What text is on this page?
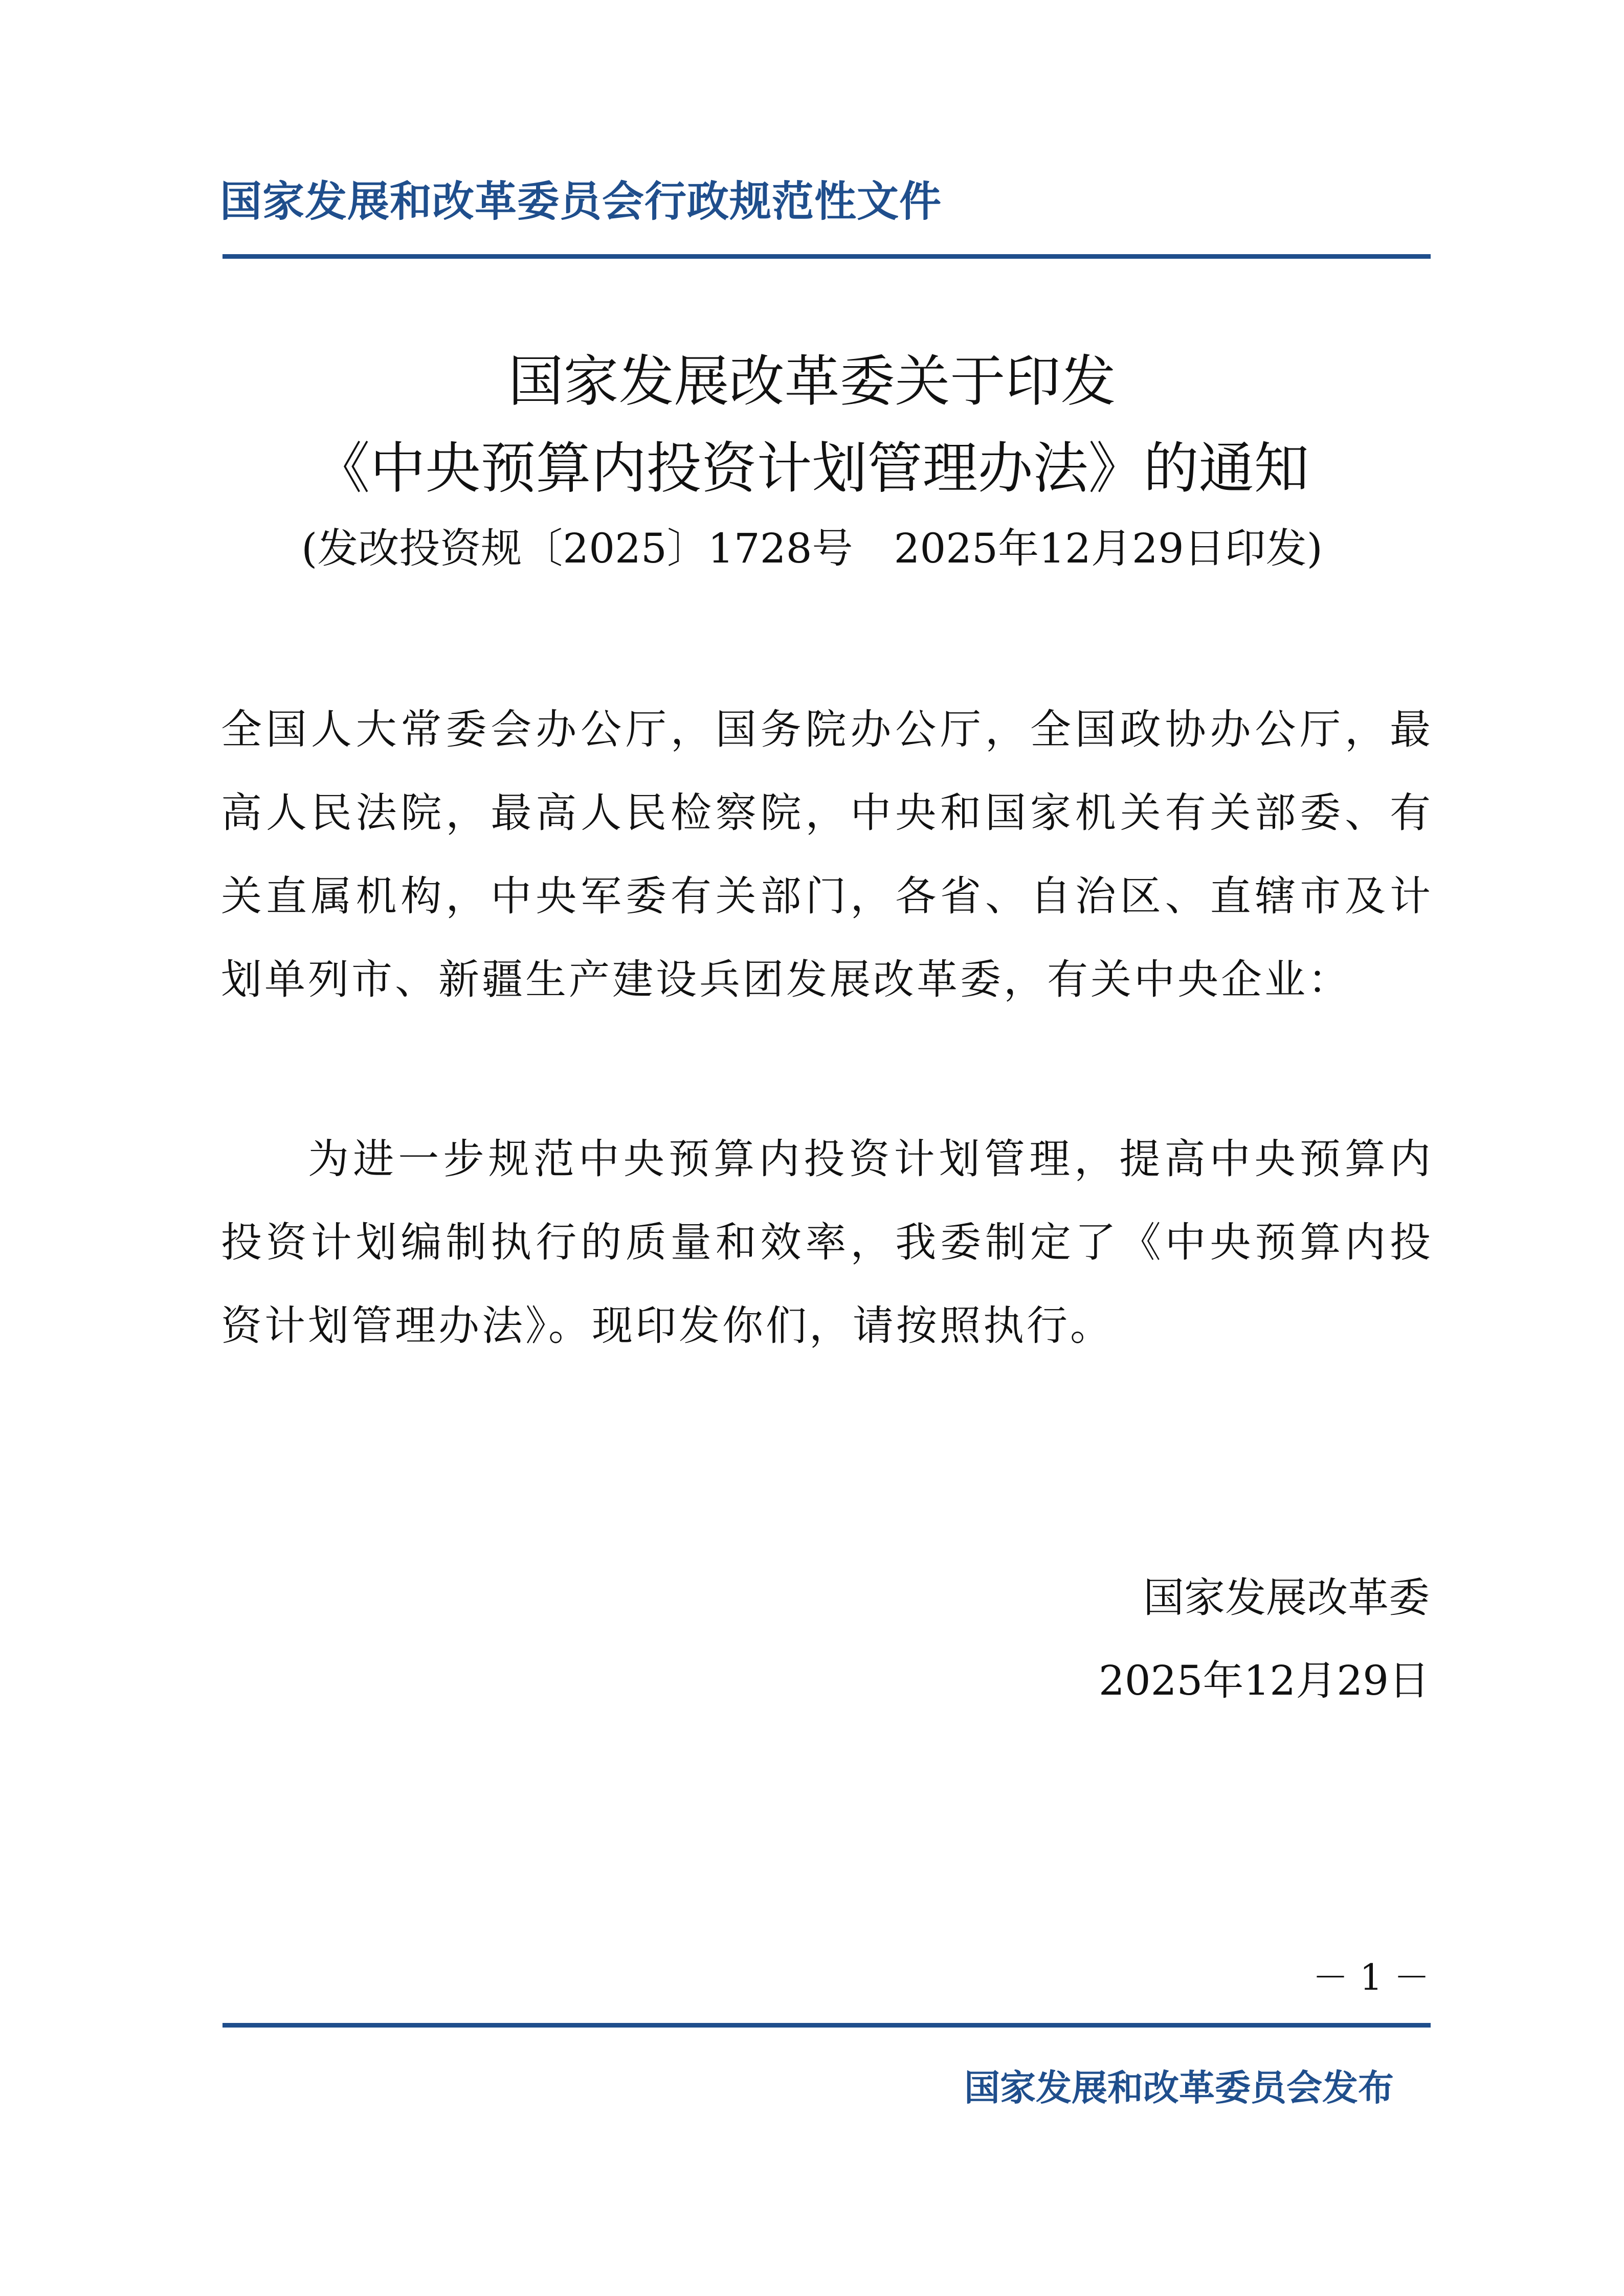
国家发展和改革委员会行政规范性文件
国家发展改革委关于印发
《中央预算内投资计划管理办法》的通知
(发改投资规〔2025〕1728号　2025年12月29日印发)
全国人大常委会办公厅，国务院办公厅，全国政协办公厅，最高人民法院，最高人民检察院，中央和国家机关有关部委、有关直属机构，中央军委有关部门，各省、自治区、直辖市及计划单列市、新疆生产建设兵团发展改革委，有关中央企业：
为进一步规范中央预算内投资计划管理，提高中央预算内投资计划编制执行的质量和效率，我委制定了《中央预算内投资计划管理办法》。现印发你们，请按照执行。
国家发展改革委
2025年12月29日
－ 1 －
国家发展和改革委员会发布
